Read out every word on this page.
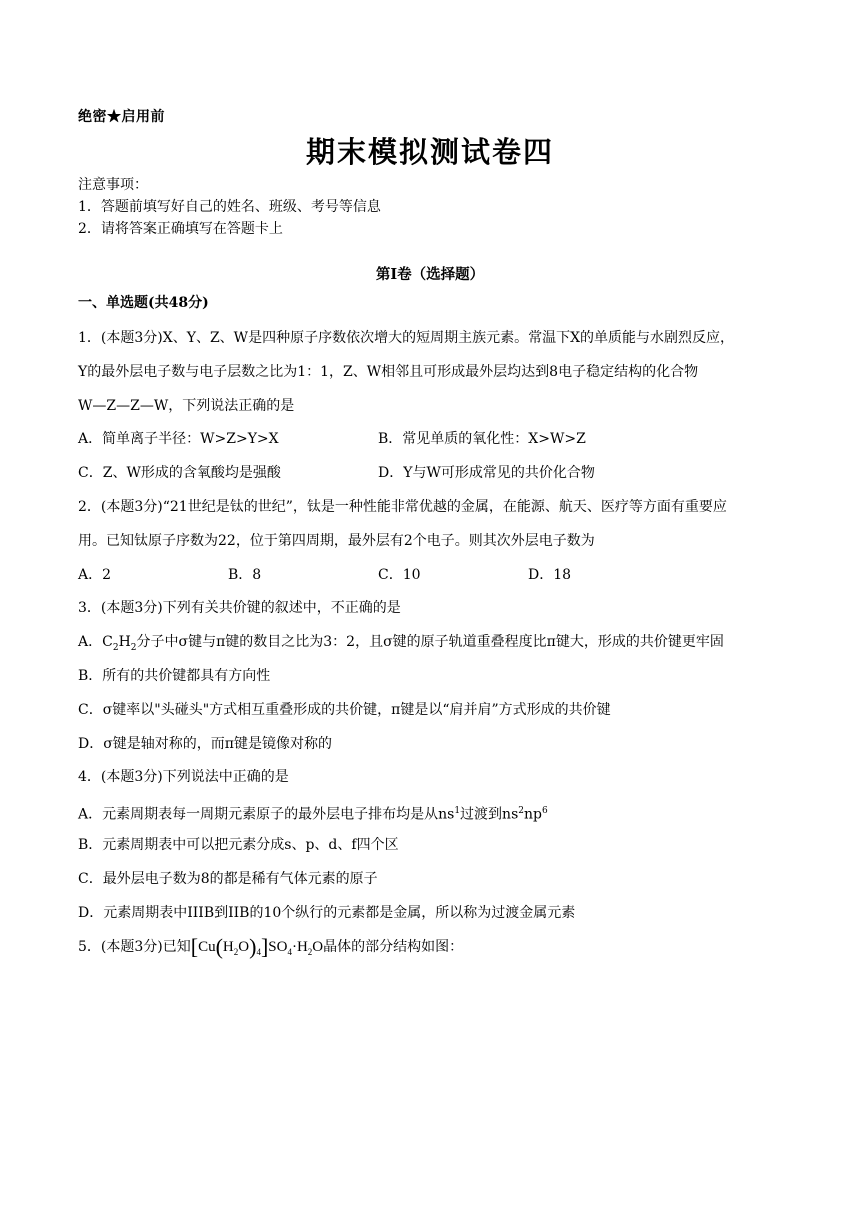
绝密★启用前
期末模拟测试卷四
注意事项：
1．答题前填写好自己的姓名、班级、考号等信息
2．请将答案正确填写在答题卡上
第I卷（选择题）
一、单选题(共48分)
1．(本题3分)X、Y、Z、W是四种原子序数依次增大的短周期主族元素。常温下X的单质能与水剧烈反应，
Y的最外层电子数与电子层数之比为1：1，Z、W相邻且可形成最外层均达到8电子稳定结构的化合物
W—Z—Z—W，下列说法正确的是
A．简单离子半径：W>Z>Y>X	B．常见单质的氧化性：X>W>Z
C．Z、W形成的含氧酸均是强酸	D．Y与W可形成常见的共价化合物
2．(本题3分)“21世纪是钛的世纪”，钛是一种性能非常优越的金属，在能源、航天、医疗等方面有重要应
用。已知钛原子序数为22，位于第四周期，最外层有2个电子。则其次外层电子数为
A．2	B．8	C．10	D．18
3．(本题3分)下列有关共价键的叙述中，不正确的是
A．$C_2H_2$分子中σ键与π键的数目之比为3：2，且σ键的原子轨道重叠程度比π键大，形成的共价键更牢固
B．所有的共价键都具有方向性
C．σ键率以"头碰头"方式相互重叠形成的共价键，π键是以“肩并肩”方式形成的共价键
D．σ键是轴对称的，而π键是镜像对称的
4．(本题3分)下列说法中正确的是
A．元素周期表每一周期元素原子的最外层电子排布均是从$ns^1$过渡到$ns^2np^6$
B．元素周期表中可以把元素分成s、p、d、f四个区
C．最外层电子数为8的都是稀有气体元素的原子
D．元素周期表中IIIB到IIB的10个纵行的元素都是金属，所以称为过渡金属元素
5．(本题3分)已知$[Cu(H_2O)_4]SO_4\cdot H_2O$晶体的部分结构如图：
